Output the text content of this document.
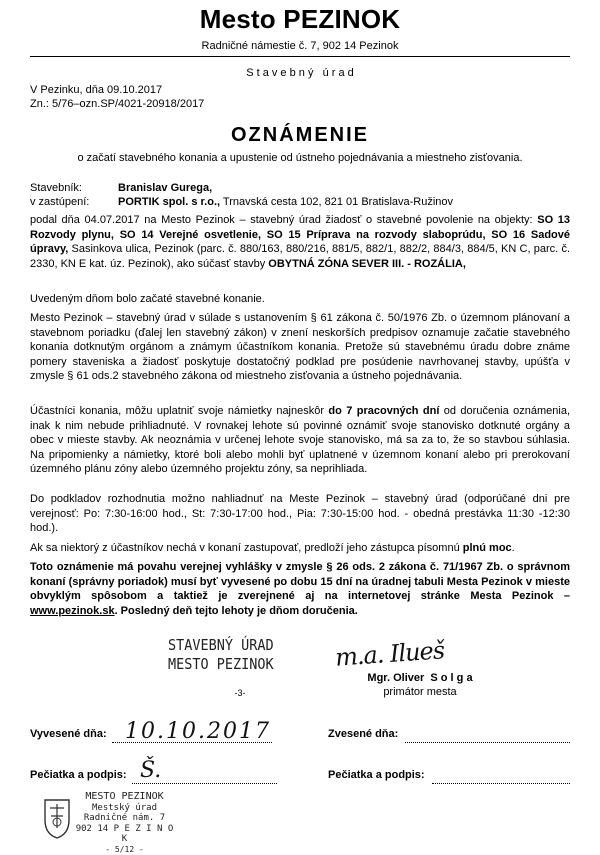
Mesto PEZINOK
Radničné námestie č. 7, 902 14 Pezinok
S t a v e b n ý   ú r a d
V Pezinku, dňa 09.10.2017
Zn.: 5/76–ozn.SP/4021-20918/2017
OZNÁMENIE
o začatí stavebného konania a upustenie od ústneho pojednávania a miestneho zisťovania.
Stavebník:	Branislav Gurega,
v zastúpení:	PORTIK spol. s r.o., Trnavská cesta 102, 821 01 Bratislava-Ružinov
podal dňa 04.07.2017 na Mesto Pezinok – stavebný úrad žiadosť o stavebné povolenie na objekty: SO 13 Rozvody plynu, SO 14 Verejné osvetlenie, SO 15 Príprava na rozvody slaboprúdu, SO 16 Sadové úpravy, Sasinkova ulica, Pezinok (parc. č. 880/163, 880/216, 881/5, 882/1, 882/2, 884/3, 884/5, KN C, parc. č. 2330, KN E kat. úz. Pezinok), ako súčasť stavby OBYTNÁ ZÓNA SEVER III. - ROZÁLIA,
Uvedeným dňom bolo začaté stavebné konanie.
Mesto Pezinok – stavebný úrad v súlade s ustanovením § 61 zákona č. 50/1976 Zb. o územnom plánovaní a stavebnom poriadku (ďalej len stavebný zákon) v znení neskorších predpisov oznamuje začatie stavebného konania dotknutým orgánom a známym účastníkom konania. Pretože sú stavebnému úradu dobre známe pomery staveniska a žiadosť poskytuje dostatočný podklad pre posúdenie navrhovanej stavby, upúšťa v zmysle § 61 ods.2 stavebného zákona od miestneho zisťovania a ústneho pojednávania.
Účastníci konania, môžu uplatniť svoje námietky najneskôr do 7 pracovných dní od doručenia oznámenia, inak k nim nebude prihliadnuté. V rovnakej lehote sú povinné oznámiť svoje stanovisko dotknuté orgány a obec v mieste stavby. Ak neoznámia v určenej lehote svoje stanovisko, má sa za to, že so stavbou súhlasia. Na pripomienky a námietky, ktoré boli alebo mohli byť uplatnené v územnom konaní alebo pri prerokovaní územného plánu zóny alebo územného projektu zóny, sa neprihliada.
Do podkladov rozhodnutia možno nahliadnuť na Meste Pezinok – stavebný úrad (odporúčané dni pre verejnosť: Po: 7:30-16:00 hod., St: 7:30-17:00 hod., Pia: 7:30-15:00 hod. - obedná prestávka 11:30 -12:30 hod.).
Ak sa niektorý z účastníkov nechá v konaní zastupovať, predloží jeho zástupca písomnú plnú moc.
Toto oznámenie má povahu verejnej vyhlášky v zmysle § 26 ods. 2 zákona č. 71/1967 Zb. o správnom konaní (správny poriadok) musí byť vyvesené po dobu 15 dní na úradnej tabuli Mesta Pezinok v mieste obvyklým spôsobom a taktiež je zverejnené aj na internetovej stránke Mesta Pezinok – www.pezinok.sk. Posledný deň tejto lehoty je dňom doručenia.
STAVEBNÝ ÚRAD
MESTO PEZINOK
-3-
m.a. Ilueš
Mgr. Oliver  S o l g a
primátor mesta
Vyvesené dňa: 10.10.2017	Zvesené dňa:
Pečiatka a podpis: Š.	Pečiatka a podpis:
MESTO PEZINOK
Mestský úrad
Radničné nám. 7
902 14 P E Z I N O K
- 5/12 -
